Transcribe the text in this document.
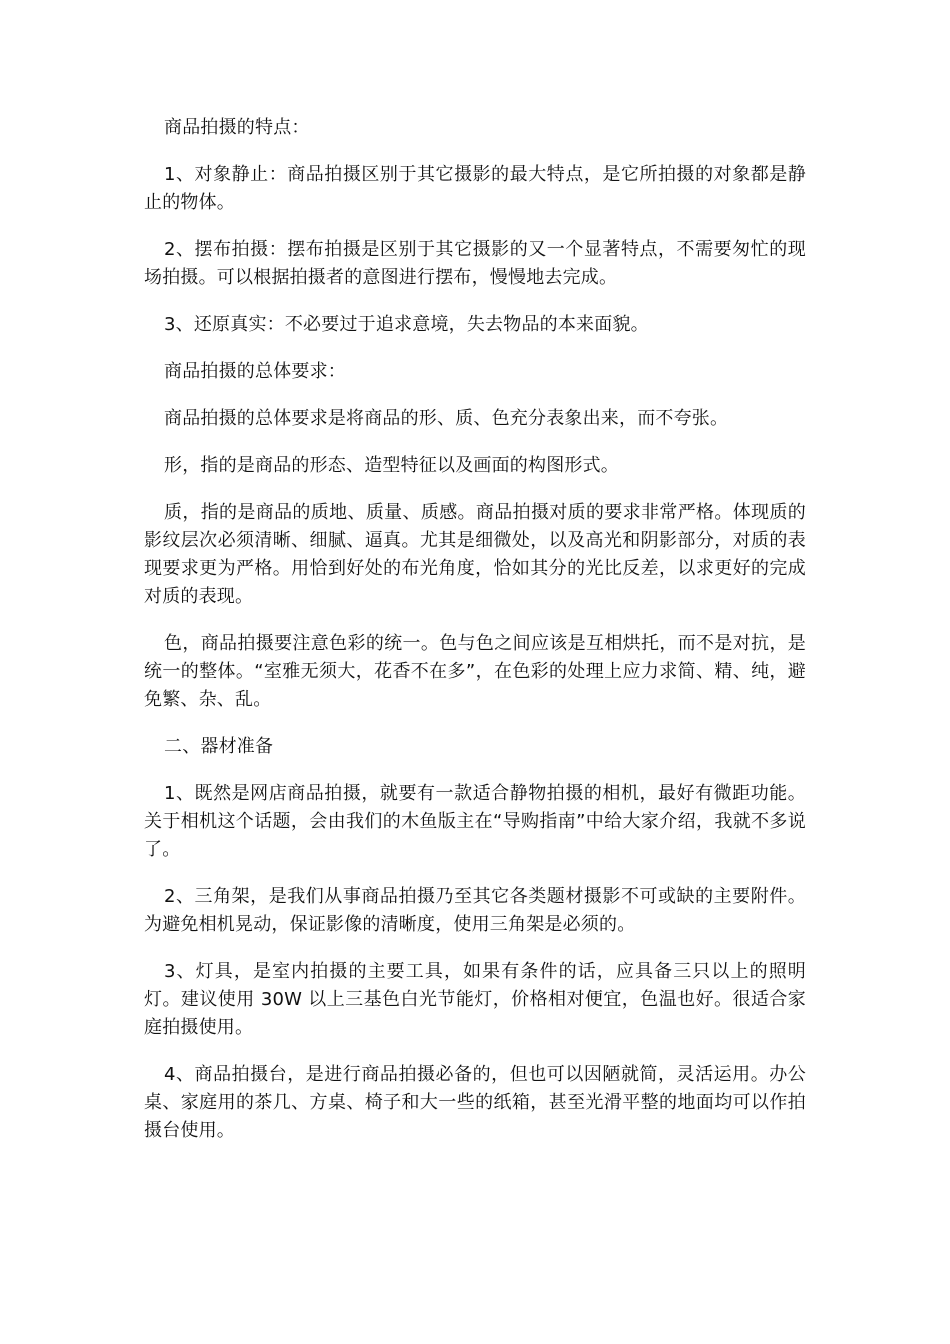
商品拍摄的特点：

1、对象静止：商品拍摄区别于其它摄影的最大特点，是它所拍摄的对象都是静止的物体。

2、摆布拍摄：摆布拍摄是区别于其它摄影的又一个显著特点，不需要匆忙的现场拍摄。可以根据拍摄者的意图进行摆布，慢慢地去完成。

3、还原真实：不必要过于追求意境，失去物品的本来面貌。

商品拍摄的总体要求：

商品拍摄的总体要求是将商品的形、质、色充分表象出来，而不夸张。

形，指的是商品的形态、造型特征以及画面的构图形式。

质，指的是商品的质地、质量、质感。商品拍摄对质的要求非常严格。体现质的影纹层次必须清晰、细腻、逼真。尤其是细微处，以及高光和阴影部分，对质的表现要求更为严格。用恰到好处的布光角度，恰如其分的光比反差，以求更好的完成对质的表现。

色，商品拍摄要注意色彩的统一。色与色之间应该是互相烘托，而不是对抗，是统一的整体。“室雅无须大，花香不在多”，在色彩的处理上应力求简、精、纯，避免繁、杂、乱。

二、器材准备

1、既然是网店商品拍摄，就要有一款适合静物拍摄的相机，最好有微距功能。关于相机这个话题，会由我们的木鱼版主在“导购指南”中给大家介绍，我就不多说了。

2、三角架，是我们从事商品拍摄乃至其它各类题材摄影不可或缺的主要附件。为避免相机晃动，保证影像的清晰度，使用三角架是必须的。

3、灯具，是室内拍摄的主要工具，如果有条件的话，应具备三只以上的照明灯。建议使用 30W 以上三基色白光节能灯，价格相对便宜，色温也好。很适合家庭拍摄使用。

4、商品拍摄台，是进行商品拍摄必备的，但也可以因陋就简，灵活运用。办公桌、家庭用的茶几、方桌、椅子和大一些的纸箱，甚至光滑平整的地面均可以作拍摄台使用。
